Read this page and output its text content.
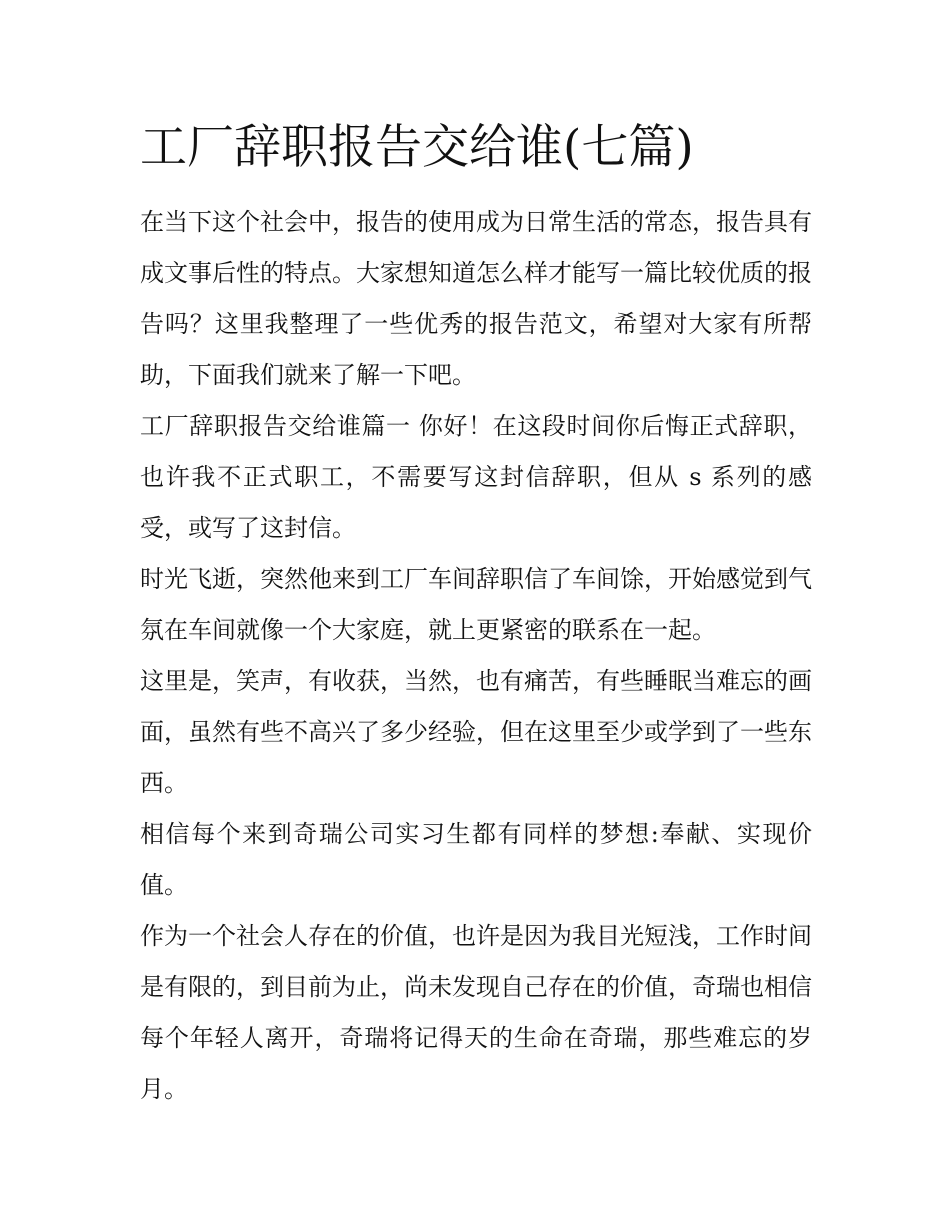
工厂辞职报告交给谁(七篇)

在当下这个社会中，报告的使用成为日常生活的常态，报告具有成文事后性的特点。大家想知道怎么样才能写一篇比较优质的报告吗？这里我整理了一些优秀的报告范文，希望对大家有所帮助，下面我们就来了解一下吧。

工厂辞职报告交给谁篇一 你好！在这段时间你后悔正式辞职，也许我不正式职工，不需要写这封信辞职，但从 s 系列的感受，或写了这封信。

时光飞逝，突然他来到工厂车间辞职信了车间馀，开始感觉到气氛在车间就像一个大家庭，就上更紧密的联系在一起。

这里是，笑声，有收获，当然，也有痛苦，有些睡眠当难忘的画面，虽然有些不高兴了多少经验，但在这里至少或学到了一些东西。

相信每个来到奇瑞公司实习生都有同样的梦想:奉献、实现价值。

作为一个社会人存在的价值，也许是因为我目光短浅，工作时间是有限的，到目前为止，尚未发现自己存在的价值，奇瑞也相信每个年轻人离开，奇瑞将记得天的生命在奇瑞，那些难忘的岁月。
